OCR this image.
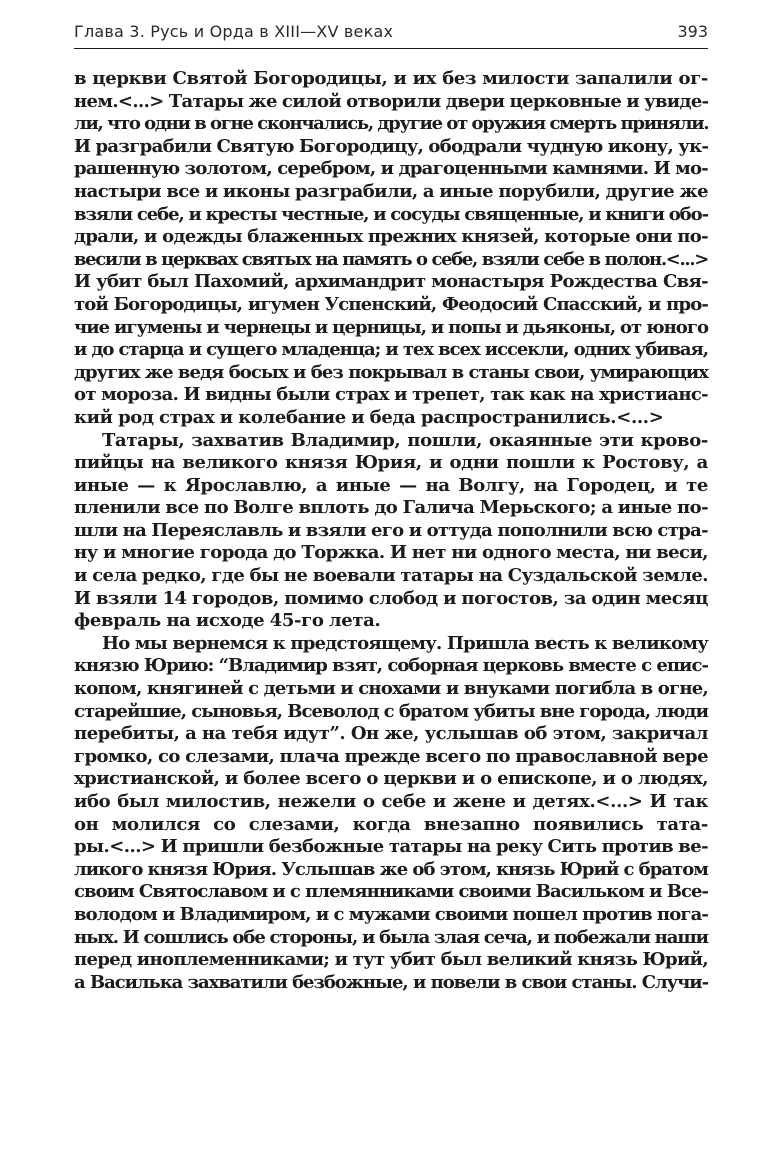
Глава 3. Русь и Орда в XIII—XV веках	393
в церкви Святой Богородицы, и их без милости запалили ог-
нем.<...> Татары же силой отворили двери церковные и увиде-
ли, что одни в огне скончались, другие от оружия смерть приняли.
И разграбили Святую Богородицу, ободрали чудную икону, ук-
рашенную золотом, серебром, и драгоценными камнями. И мо-
настыри все и иконы разграбили, а иные порубили, другие же
взяли себе, и кресты честные, и сосуды священные, и книги обо-
драли, и одежды блаженных прежних князей, которые они по-
весили в церквах святых на память о себе, взяли себе в полон.<...>
И убит был Пахомий, архимандрит монастыря Рождества Свя-
той Богородицы, игумен Успенский, Феодосий Спасский, и про-
чие игумены и чернецы и церницы, и попы и дьяконы, от юного
и до старца и сущего младенца; и тех всех иссекли, одних убивая,
других же ведя босых и без покрывал в станы свои, умирающих
от мороза. И видны были страх и трепет, так как на христианс-
кий род страх и колебание и беда распространились.<...>
Татары, захватив Владимир, пошли, окаянные эти крово-
пийцы на великого князя Юрия, и одни пошли к Ростову, а
иные — к Ярославлю, а иные — на Волгу, на Городец, и те
пленили все по Волге вплоть до Галича Мерьского; а иные по-
шли на Переяславль и взяли его и оттуда пополнили всю стра-
ну и многие города до Торжка. И нет ни одного места, ни веси,
и села редко, где бы не воевали татары на Суздальской земле.
И взяли 14 городов, помимо слобод и погостов, за один месяц
февраль на исходе 45-го лета.
Но мы вернемся к предстоящему. Пришла весть к великому
князю Юрию: “Владимир взят, соборная церковь вместе с епис-
копом, княгиней с детьми и снохами и внуками погибла в огне,
старейшие, сыновья, Всеволод с братом убиты вне города, люди
перебиты, а на тебя идут”. Он же, услышав об этом, закричал
громко, со слезами, плача прежде всего по православной вере
христианской, и более всего о церкви и о епископе, и о людях,
ибо был милостив, нежели о себе и жене и детях.<...> И так
он молился со слезами, когда внезапно появились тата-
ры.<...> И пришли безбожные татары на реку Сить против ве-
ликого князя Юрия. Услышав же об этом, князь Юрий с братом
своим Святославом и с племянниками своими Васильком и Все-
володом и Владимиром, и с мужами своими пошел против пога-
ных. И сошлись обе стороны, и была злая сеча, и побежали наши
перед иноплеменниками; и тут убит был великий князь Юрий,
а Василька захватили безбожные, и повели в свои станы. Случи-
